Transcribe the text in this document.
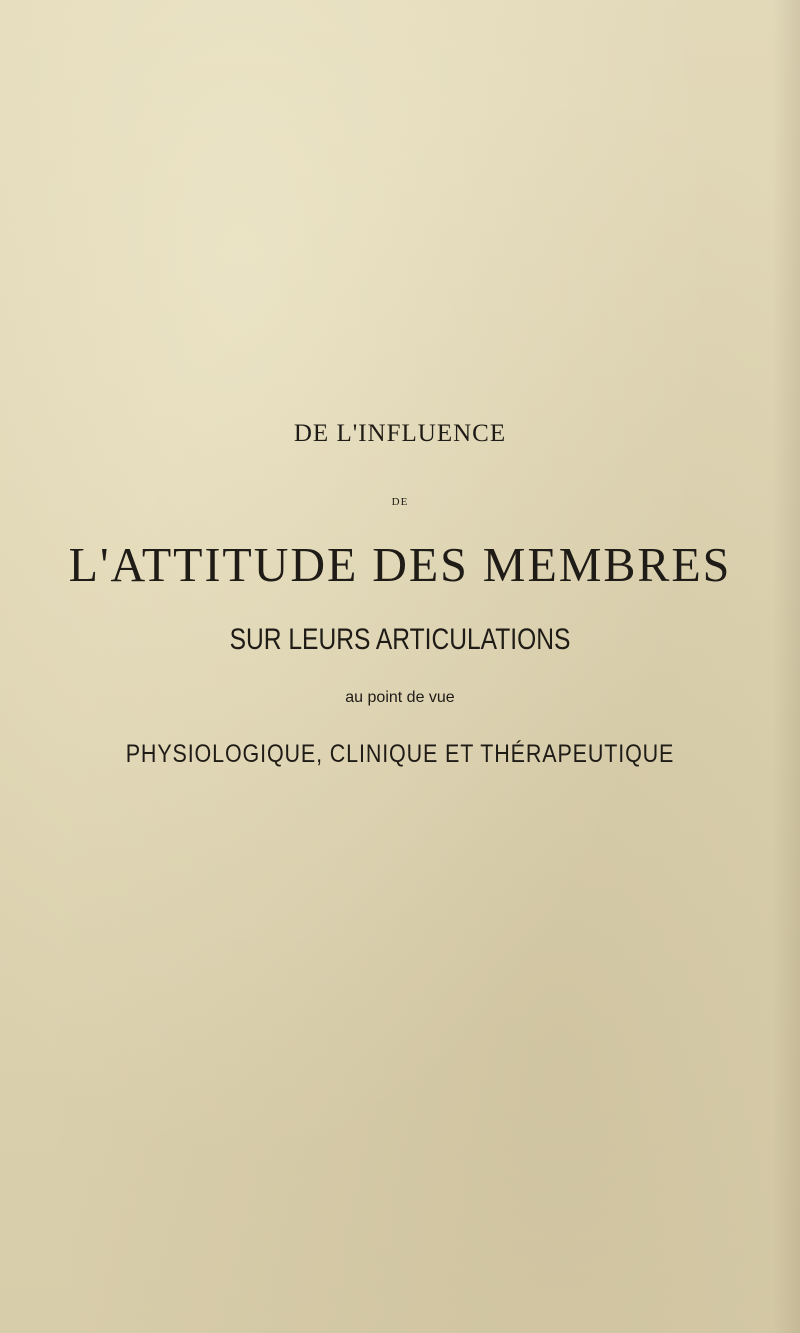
DE L'INFLUENCE
DE
L'ATTITUDE DES MEMBRES
SUR LEURS ARTICULATIONS
au point de vue
PHYSIOLOGIQUE, CLINIQUE ET THÉRAPEUTIQUE
